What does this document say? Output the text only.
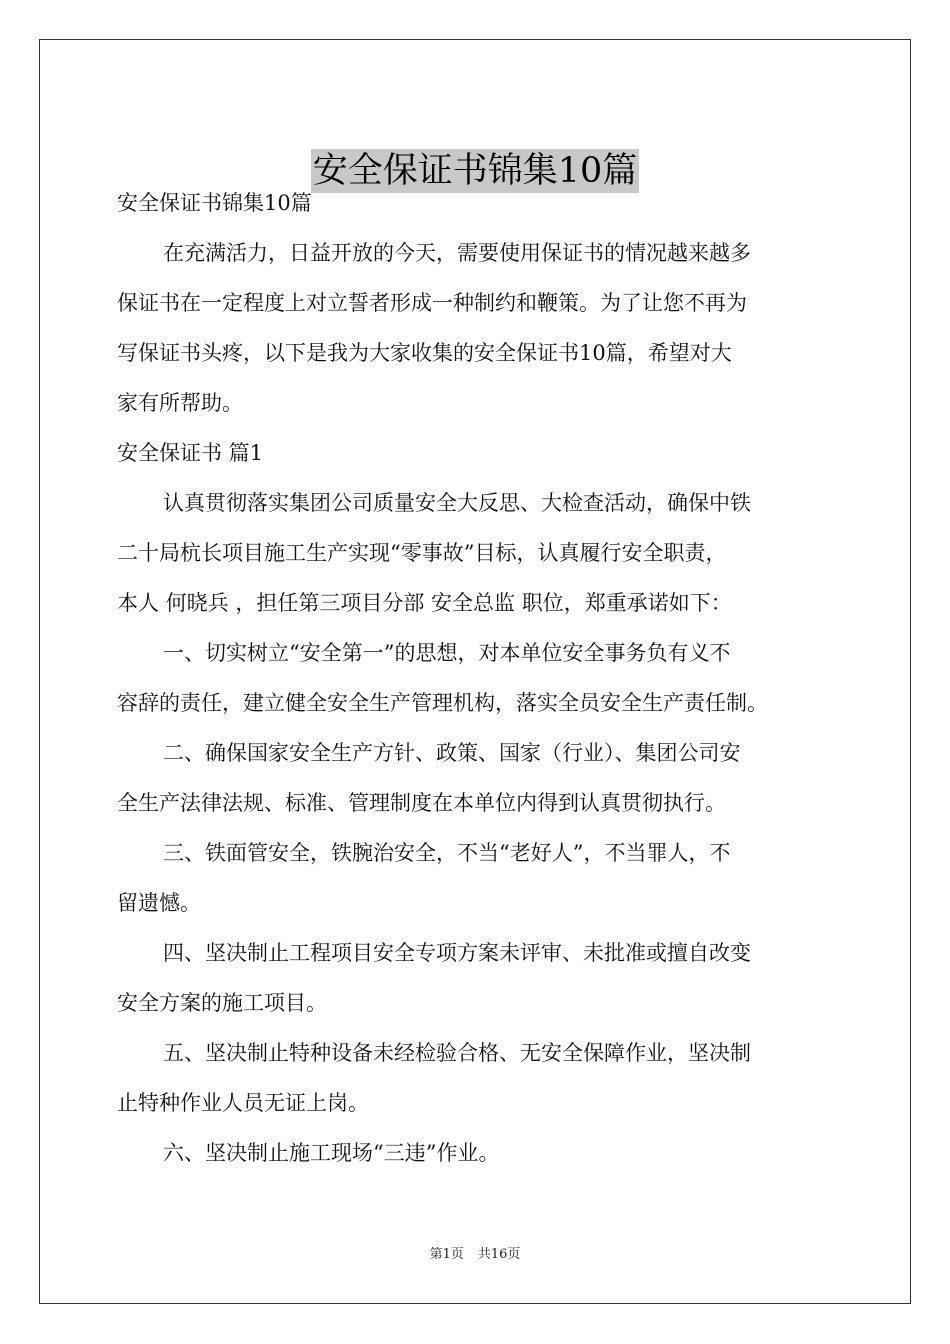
安全保证书锦集10篇

安全保证书锦集10篇

在充满活力，日益开放的今天，需要使用保证书的情况越来越多

保证书在一定程度上对立誓者形成一种制约和鞭策。为了让您不再为

写保证书头疼，以下是我为大家收集的安全保证书10篇，希望对大

家有所帮助。

安全保证书 篇1

认真贯彻落实集团公司质量安全大反思、大检查活动，确保中铁

二十局杭长项目施工生产实现“零事故”目标，认真履行安全职责，

本人 何晓兵 ，担任第三项目分部 安全总监 职位，郑重承诺如下：

一、切实树立“安全第一”的思想，对本单位安全事务负有义不

容辞的责任，建立健全安全生产管理机构，落实全员安全生产责任制。

二、确保国家安全生产方针、政策、国家（行业）、集团公司安

全生产法律法规、标准、管理制度在本单位内得到认真贯彻执行。

三、铁面管安全，铁腕治安全，不当“老好人”，不当罪人，不

留遗憾。

四、坚决制止工程项目安全专项方案未评审、未批准或擅自改变

安全方案的施工项目。

五、坚决制止特种设备未经检验合格、无安全保障作业，坚决制

止特种作业人员无证上岗。

六、坚决制止施工现场“三违”作业。

第1页 共16页
